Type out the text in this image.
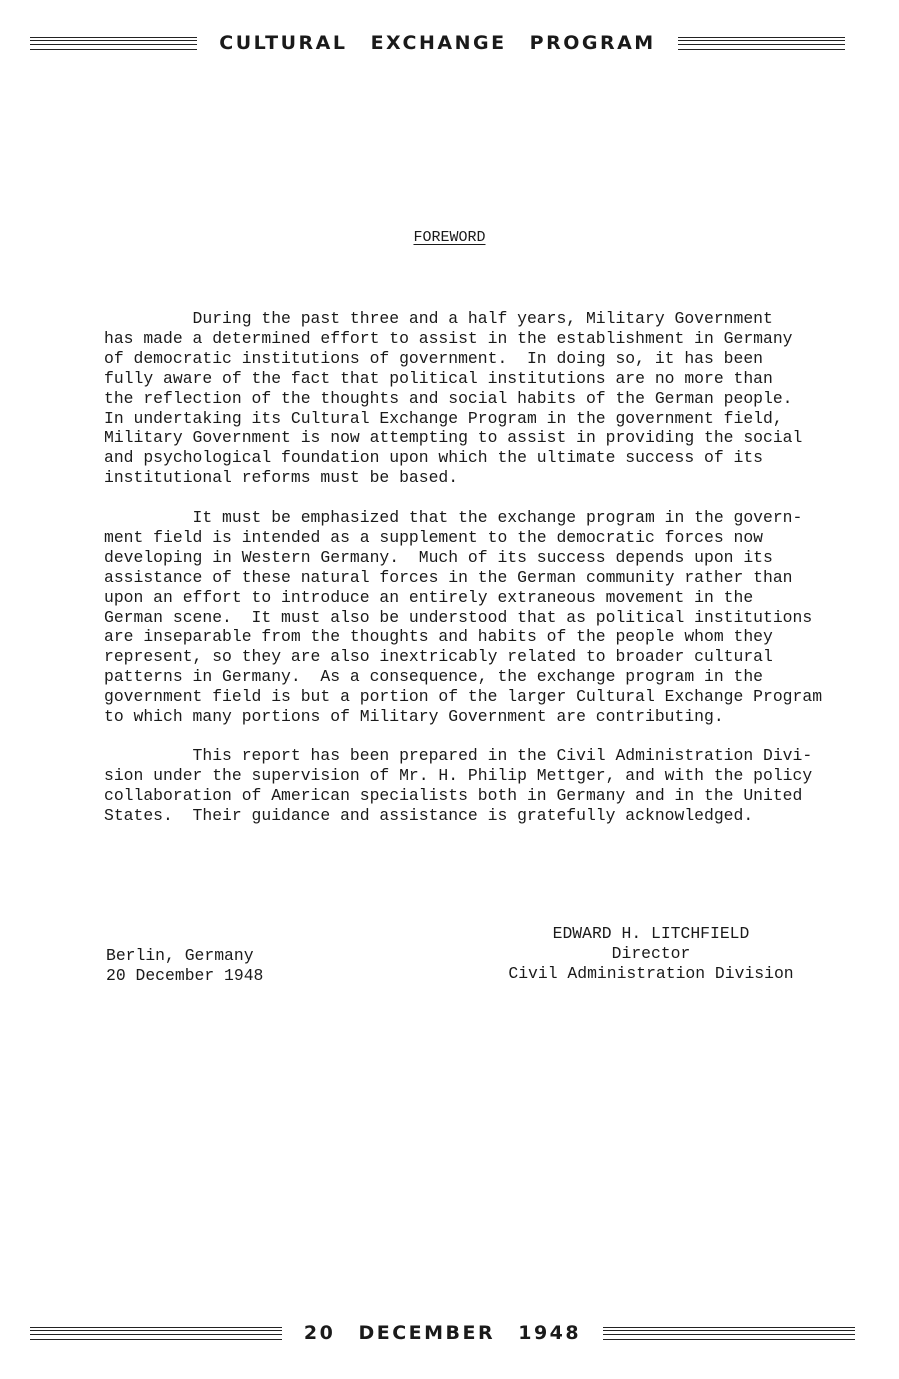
CULTURAL EXCHANGE PROGRAM
FOREWORD

During the past three and a half years, Military Government
has made a determined effort to assist in the establishment in Germany
of democratic institutions of government.  In doing so, it has been
fully aware of the fact that political institutions are no more than
the reflection of the thoughts and social habits of the German people.
In undertaking its Cultural Exchange Program in the government field,
Military Government is now attempting to assist in providing the social
and psychological foundation upon which the ultimate success of its
institutional reforms must be based.

It must be emphasized that the exchange program in the govern-
ment field is intended as a supplement to the democratic forces now
developing in Western Germany.  Much of its success depends upon its
assistance of these natural forces in the German community rather than
upon an effort to introduce an entirely extraneous movement in the
German scene.  It must also be understood that as political institutions
are inseparable from the thoughts and habits of the people whom they
represent, so they are also inextricably related to broader cultural
patterns in Germany.  As a consequence, the exchange program in the
government field is but a portion of the larger Cultural Exchange Program
to which many portions of Military Government are contributing.

This report has been prepared in the Civil Administration Divi-
sion under the supervision of Mr. H. Philip Mettger, and with the policy
collaboration of American specialists both in Germany and in the United
States.  Their guidance and assistance is gratefully acknowledged.

Berlin, Germany
20 December 1948
EDWARD H. LITCHFIELD
Director
Civil Administration Division
20 DECEMBER 1948
